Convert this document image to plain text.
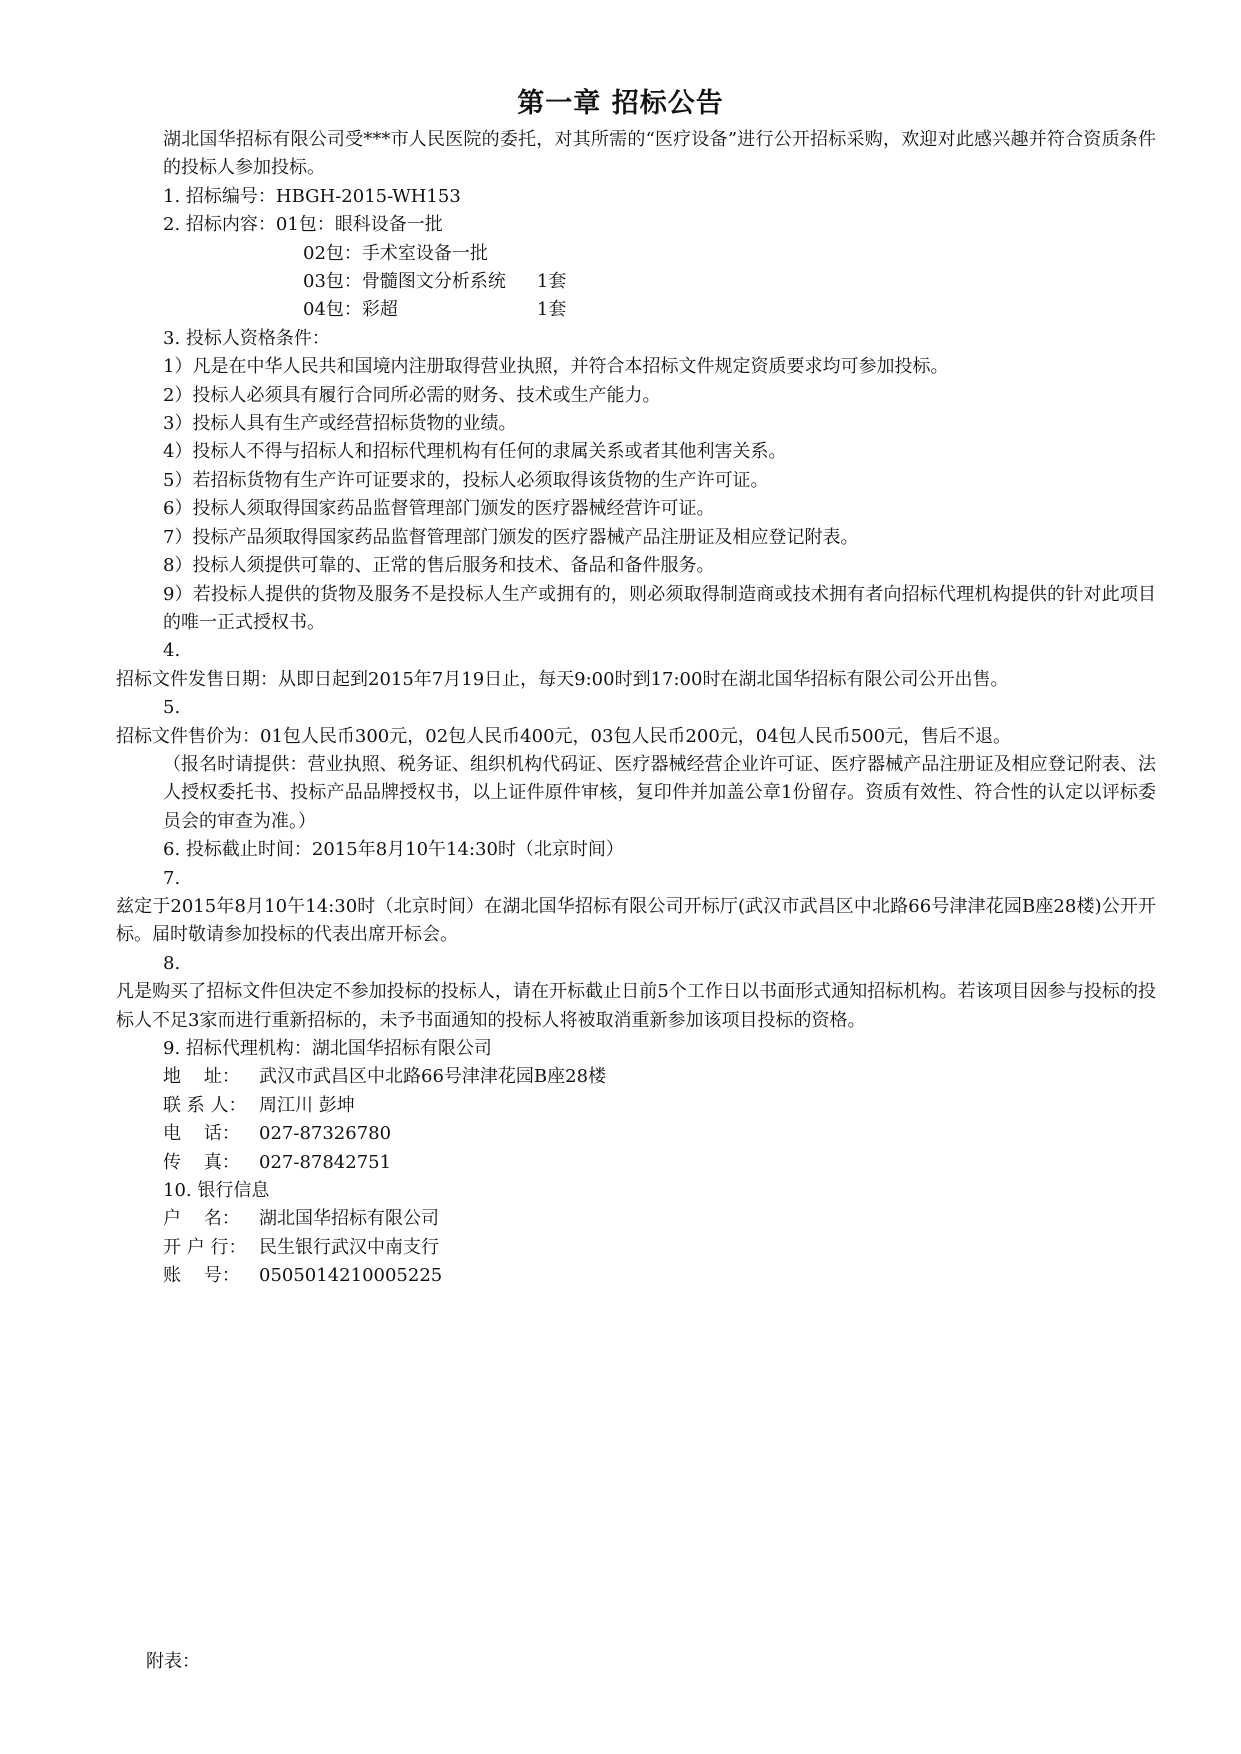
第一章 招标公告

湖北国华招标有限公司受***市人民医院的委托，对其所需的“医疗设备”进行公开招标采购，欢迎对此感兴趣并符合资质条件的投标人参加投标。

1. 招标编号：HBGH-2015-WH153

2. 招标内容：01包：眼科设备一批

02包：手术室设备一批

03包：骨髓图文分析系统 1套

04包：彩超	1套

3. 投标人资格条件：

1）凡是在中华人民共和国境内注册取得营业执照，并符合本招标文件规定资质要求均可参加投标。

2）投标人必须具有履行合同所必需的财务、技术或生产能力。

3）投标人具有生产或经营招标货物的业绩。

4）投标人不得与招标人和招标代理机构有任何的隶属关系或者其他利害关系。

5）若招标货物有生产许可证要求的，投标人必须取得该货物的生产许可证。

6）投标人须取得国家药品监督管理部门颁发的医疗器械经营许可证。

7）投标产品须取得国家药品监督管理部门颁发的医疗器械产品注册证及相应登记附表。

8）投标人须提供可靠的、正常的售后服务和技术、备品和备件服务。

9）若投标人提供的货物及服务不是投标人生产或拥有的，则必须取得制造商或技术拥有者向招标代理机构提供的针对此项目的唯一正式授权书。

4.

招标文件发售日期：从即日起到2015年7月19日止，每天9:00时到17:00时在湖北国华招标有限公司公开出售。

5.

招标文件售价为：01包人民币300元，02包人民币400元，03包人民币200元，04包人民币500元，售后不退。

（报名时请提供：营业执照、税务证、组织机构代码证、医疗器械经营企业许可证、医疗器械产品注册证及相应登记附表、法人授权委托书、投标产品品牌授权书，以上证件原件审核，复印件并加盖公章1份留存。资质有效性、符合性的认定以评标委员会的审查为准。）

6. 投标截止时间：2015年8月10午14:30时（北京时间）

7.

兹定于2015年8月10午14:30时（北京时间）在湖北国华招标有限公司开标厅(武汉市武昌区中北路66号津津花园B座28楼)公开开标。届时敬请参加投标的代表出席开标会。

8.

凡是购买了招标文件但决定不参加投标的投标人，请在开标截止日前5个工作日以书面形式通知招标机构。若该项目因参与投标的投标人不足3家而进行重新招标的，未予书面通知的投标人将被取消重新参加该项目投标的资格。

9. 招标代理机构：湖北国华招标有限公司

地    址： 武汉市武昌区中北路66号津津花园B座28楼

联 系 人： 周江川 彭坤

电    话： 027-87326780

传    真： 027-87842751

10. 银行信息

户    名： 湖北国华招标有限公司

开 户 行： 民生银行武汉中南支行

账    号： 0505014210005225

附表：
